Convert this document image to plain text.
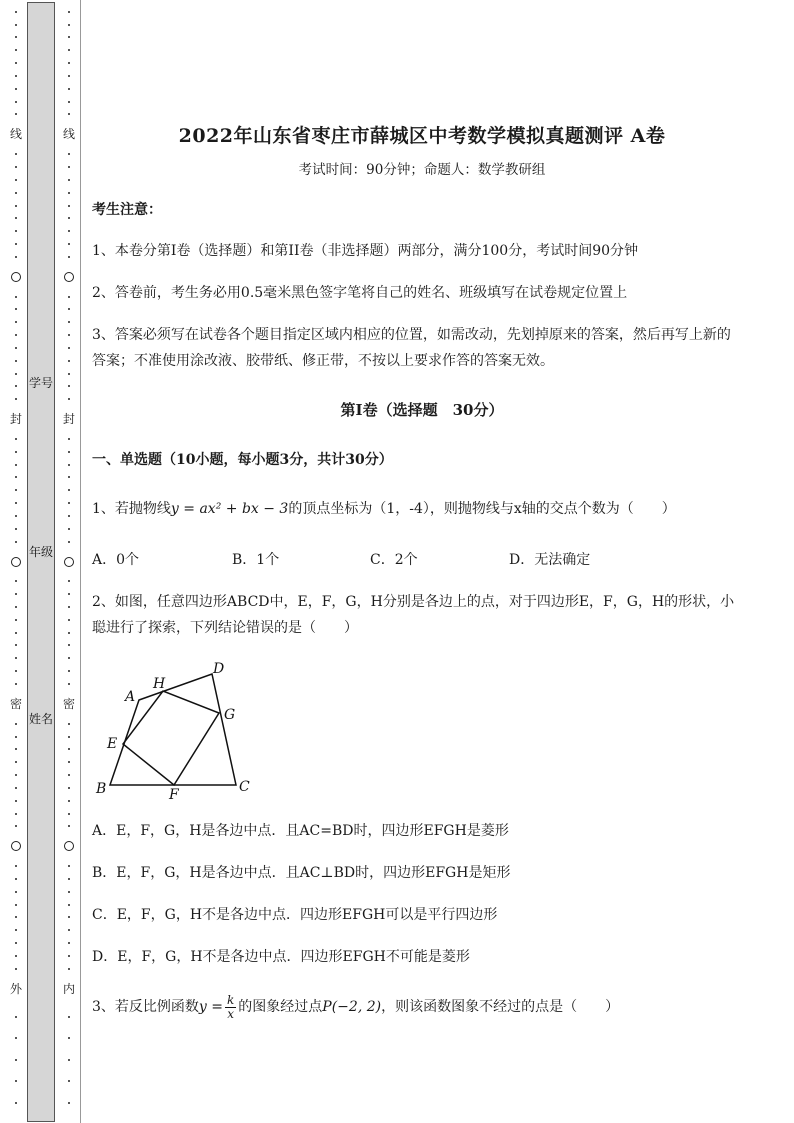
线
封
密
外
学号
年级
姓名
线
封
密
内
2022年山东省枣庄市薛城区中考数学模拟真题测评 A卷
考试时间：90分钟；命题人：数学教研组
考生注意：
1、本卷分第I卷（选择题）和第II卷（非选择题）两部分，满分100分，考试时间90分钟
2、答卷前，考生务必用0.5毫米黑色签字笔将自己的姓名、班级填写在试卷规定位置上
3、答案必须写在试卷各个题目指定区域内相应的位置，如需改动，先划掉原来的答案，然后再写上新的答案；不准使用涂改液、胶带纸、修正带，不按以上要求作答的答案无效。
第I卷（选择题　30分）
一、单选题（10小题，每小题3分，共计30分）
1、若抛物线y = ax² + bx − 3的顶点坐标为（1，-4），则抛物线与x轴的交点个数为（　　）
A．0个	B．1个	C．2个	D．无法确定
2、如图，任意四边形ABCD中，E，F，G，H分别是各边上的点，对于四边形E，F，G，H的形状，小聪进行了探索，下列结论错误的是（　　）
A．E，F，G，H是各边中点．且AC=BD时，四边形EFGH是菱形
B．E，F，G，H是各边中点．且AC⊥BD时，四边形EFGH是矩形
C．E，F，G，H不是各边中点．四边形EFGH可以是平行四边形
D．E，F，G，H不是各边中点．四边形EFGH不可能是菱形
3、若反比例函数$y = \frac{k}{x}$ 的图象经过点P(−2, 2)，则该函数图象不经过的点是（　　）
A
B	C
D
E
F
G
H
